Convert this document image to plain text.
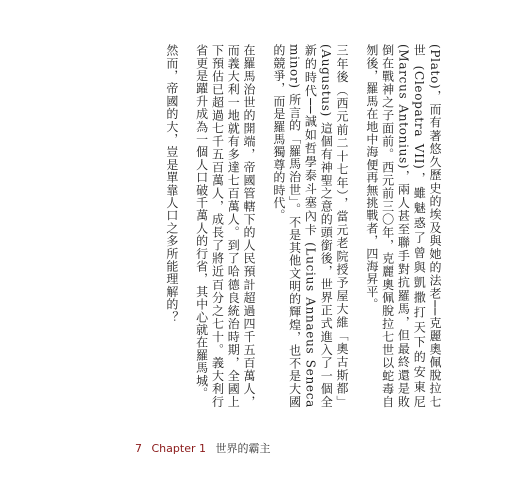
(Plato)，而有著悠久歷史的埃及與她的法老──克麗奧佩脫拉七世 (Cleopatra VII)，雖魅惑了曾與凱撒打天下的安東尼 (Marcus Antonius)，兩人甚至聯手對抗羅馬，但最終還是敗倒在戰神之子面前。西元前三〇年，克麗奧佩脫拉七世以蛇毒自刎後，羅馬在地中海便再無挑戰者，四海昇平。

三年後（西元前二十七年），當元老院授予屋大維「奧古斯都」(Augustus) 這個有神聖之意的頭銜後，世界正式進入了一個全新的時代──誠如哲學泰斗塞內卡 (Lucius Annaeus Seneca minor) 所言的「羅馬治世」。不是其他文明的輝煌，也不是大國的競爭，而是羅馬獨尊的時代。

在羅馬治世的開端，帝國管轄下的人民預計超過四千五百萬人，而義大利一地就有多達七百萬人。到了哈德良統治時期，全國上下預估已超過七千五百萬人，成長了將近百分之七十。義大利行省更是躍升成為一個人口破千萬人的行省，其中心就在羅馬城。

然而，帝國的大，豈是單靠人口之多所能理解的？

7 Chapter 1 世界的霸主
